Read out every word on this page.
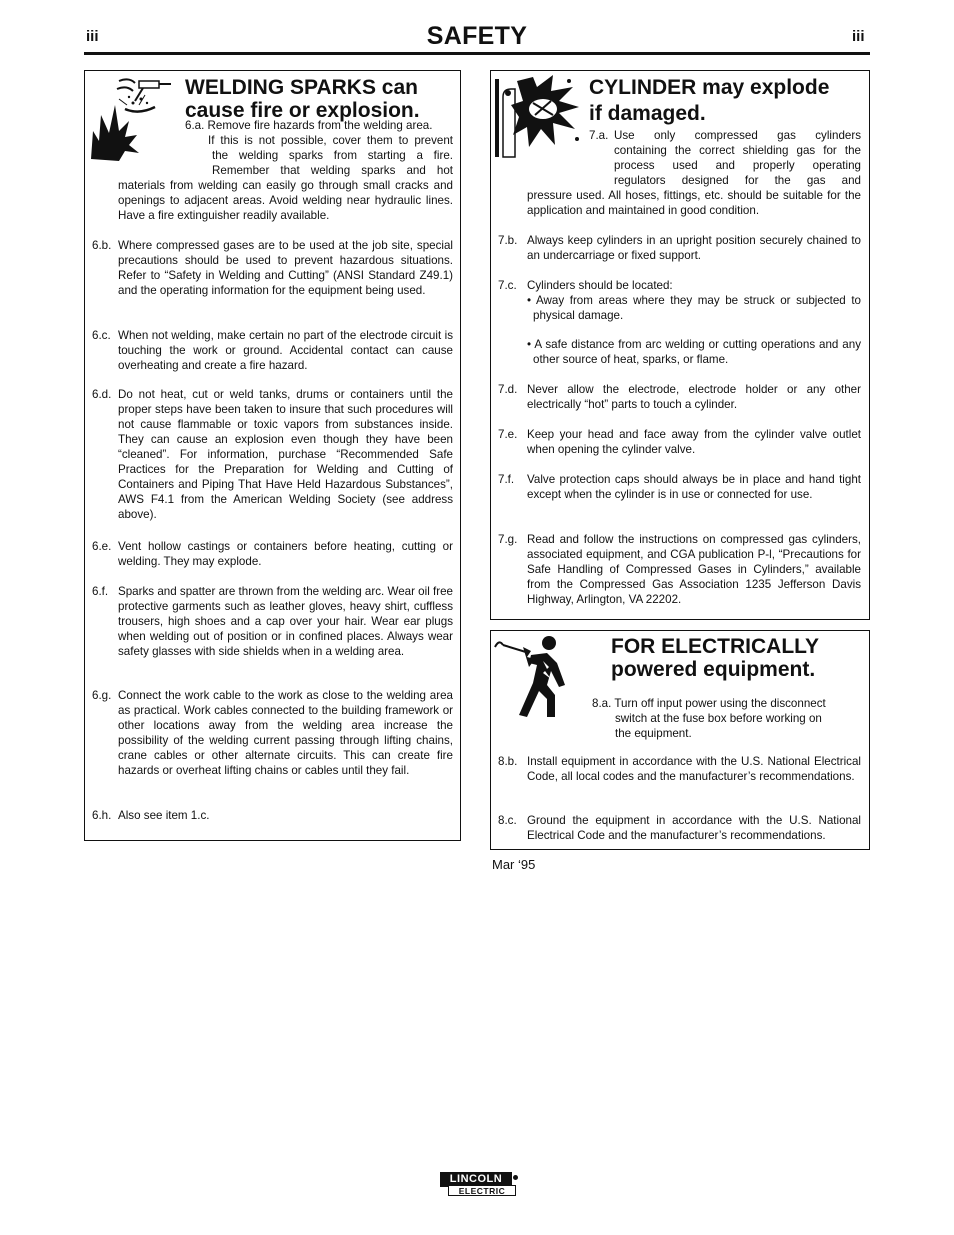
iii	SAFETY	iii
WELDING SPARKS can
cause fire or explosion.
6.a. Remove fire hazards from the welding area.
If this is not possible, cover them to prevent
the welding sparks from starting a fire.
Remember that welding sparks and hot
materials from welding can easily go through small cracks and openings to adjacent areas. Avoid welding near hydraulic lines. Have a fire extinguisher readily available.
6.b. Where compressed gases are to be used at the job site, special precautions should be used to prevent hazardous situations. Refer to “Safety in Welding and Cutting” (ANSI Standard Z49.1) and the operating information for the equipment being used.
6.c. When not welding, make certain no part of the electrode circuit is touching the work or ground. Accidental contact can cause overheating and create a fire hazard.
6.d. Do not heat, cut or weld tanks, drums or containers until the proper steps have been taken to insure that such procedures will not cause flammable or toxic vapors from substances inside. They can cause an explosion even though they have been “cleaned”. For information, purchase “Recommended Safe Practices for the Preparation for Welding and Cutting of Containers and Piping That Have Held Hazardous Substances”, AWS F4.1 from the American Welding Society (see address above).
6.e. Vent hollow castings or containers before heating, cutting or welding. They may explode.
6.f. Sparks and spatter are thrown from the welding arc. Wear oil free protective garments such as leather gloves, heavy shirt, cuffless trousers, high shoes and a cap over your hair. Wear ear plugs when welding out of position or in confined places. Always wear safety glasses with side shields when in a welding area.
6.g. Connect the work cable to the work as close to the welding area as practical. Work cables connected to the building framework or other locations away from the welding area increase the possibility of the welding current passing through lifting chains, crane cables or other alternate circuits. This can create fire hazards or overheat lifting chains or cables until they fail.
6.h. Also see item 1.c.
CYLINDER may explode
if damaged.
7.a. Use only compressed gas cylinders
containing the correct shielding gas for the
process used and properly operating
regulators designed for the gas and
pressure used. All hoses, fittings, etc. should be suitable for the application and maintained in good condition.
7.b. Always keep cylinders in an upright position securely chained to an undercarriage or fixed support.
7.c. Cylinders should be located:
• Away from areas where they may be struck or subjected to physical damage.
• A safe distance from arc welding or cutting operations and any other source of heat, sparks, or flame.
7.d. Never allow the electrode, electrode holder or any other electrically “hot” parts to touch a cylinder.
7.e. Keep your head and face away from the cylinder valve outlet when opening the cylinder valve.
7.f. Valve protection caps should always be in place and hand tight except when the cylinder is in use or connected for use.
7.g. Read and follow the instructions on compressed gas cylinders, associated equipment, and CGA publication P-l, “Precautions for Safe Handling of Compressed Gases in Cylinders,” available from the Compressed Gas Association 1235 Jefferson Davis Highway, Arlington, VA 22202.
FOR ELECTRICALLY
powered equipment.
8.a. Turn off input power using the disconnect
switch at the fuse box before working on
the equipment.
8.b. Install equipment in accordance with the U.S. National Electrical Code, all local codes and the manufacturer’s recommendations.
8.c. Ground the equipment in accordance with the U.S. National Electrical Code and the manufacturer’s recommendations.
Mar ‘95
LINCOLN
ELECTRIC
